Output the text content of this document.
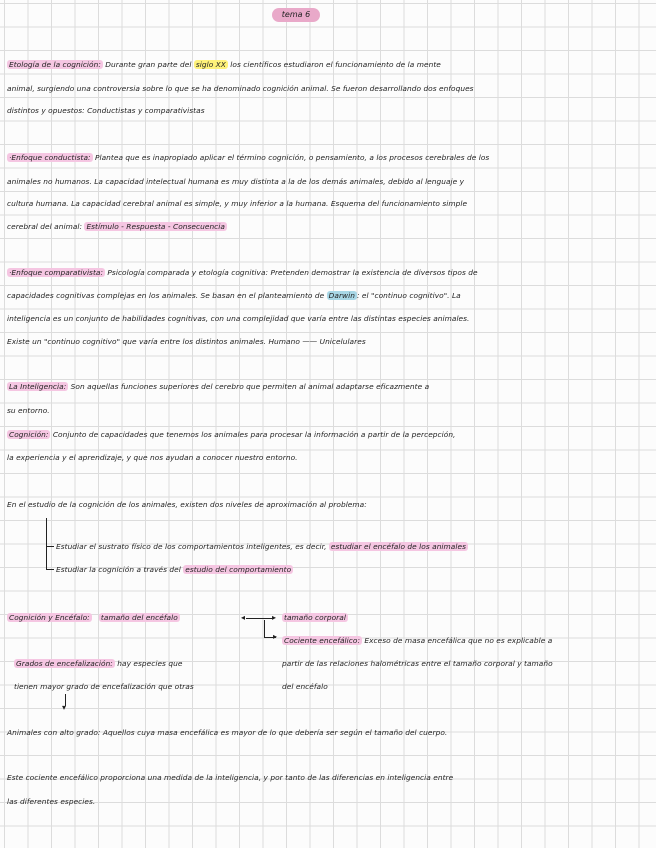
tema 6
Etología de la cognición: Durante gran parte del siglo XX los científicos estudiaron el funcionamiento de la mente
animal, surgiendo una controversia sobre lo que se ha denominado cognición animal. Se fueron desarrollando dos enfoques
distintos y opuestos: Conductistas y comparativistas
·Enfoque conductista: Plantea que es inapropiado aplicar el término cognición, o pensamiento, a los procesos cerebrales de los
animales no humanos. La capacidad intelectual humana es muy distinta a la de los demás animales, debido al lenguaje y
cultura humana. La capacidad cerebral animal es simple, y muy inferior a la humana. Esquema del funcionamiento simple
cerebral del animal: Estímulo - Respuesta - Consecuencia
·Enfoque comparativista: Psicología comparada y etología cognitiva: Pretenden demostrar la existencia de diversos tipos de
capacidades cognitivas complejas en los animales. Se basan en el planteamiento de Darwin : el "continuo cognitivo". La
inteligencia es un conjunto de habilidades cognitivas, con una complejidad que varía entre las distintas especies animales.
Existe un "continuo cognitivo" que varía entre los distintos animales. Humano —— Unicelulares
La Inteligencia: Son aquellas funciones superiores del cerebro que permiten al animal adaptarse eficazmente a
su entorno.
Cognición: Conjunto de capacidades que tenemos los animales para procesar la información a partir de la percepción,
la experiencia y el aprendizaje, y que nos ayudan a conocer nuestro entorno.
En el estudio de la cognición de los animales, existen dos niveles de aproximación al problema:
Estudiar el sustrato físico de los comportamientos inteligentes, es decir, estudiar el encéfalo de los animales
Estudiar la cognición a través del estudio del comportamiento
Cognición y Encéfalo: tamaño del encéfalo	◂	▸ tamaño corporal
▸ Cociente encefálico: Exceso de masa encefálica que no es explicable a
partir de las relaciones halométricas entre el tamaño corporal y tamaño
del encéfalo
Grados de encefalización: hay especies que
tienen mayor grado de encefalización que otras
▾
Animales con alto grado: Aquellos cuya masa encefálica es mayor de lo que debería ser según el tamaño del cuerpo.
Este cociente encefálico proporciona una medida de la inteligencia, y por tanto de las diferencias en inteligencia entre
las diferentes especies.
